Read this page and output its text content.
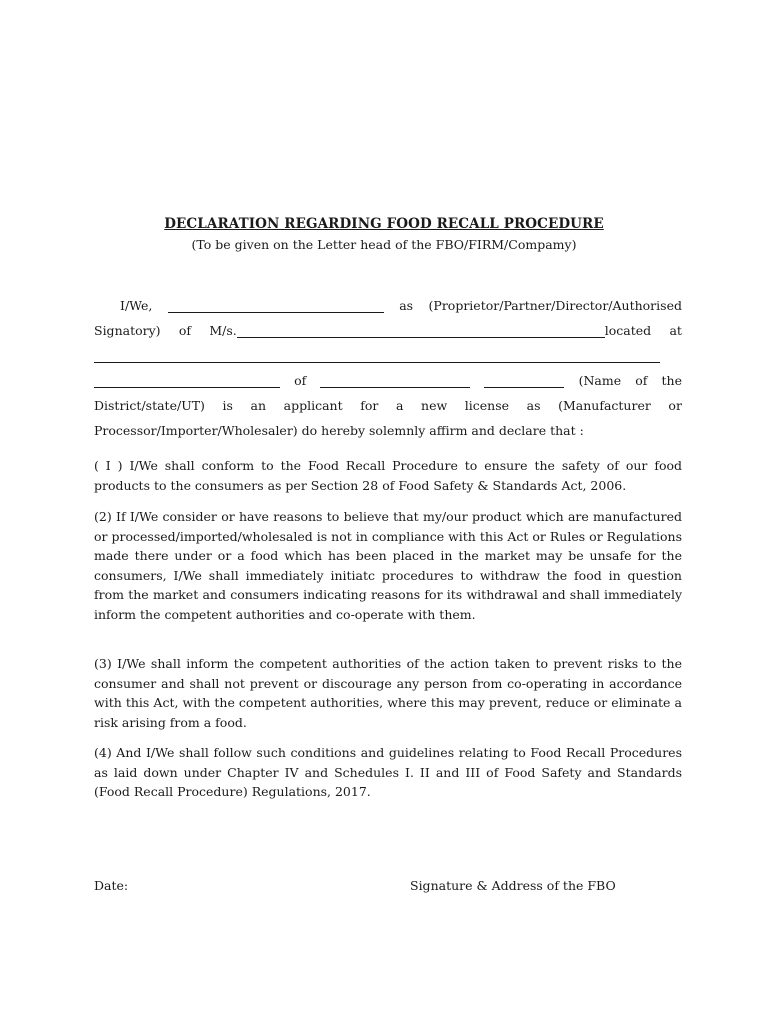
DECLARATION REGARDING FOOD RECALL PROCEDURE

(To be given on the Letter head of the FBO/FIRM/Compamy)

I/We,	as (Proprietor/Partner/Director/Authorised
Signatory) of M/s.	located at
of	(Name of the
District/state/UT) is an applicant for a new license as (Manufacturer or
Processor/Importer/Wholesaler) do hereby solemnly affirm and declare that :

( I ) I/We shall conform to the Food Recall Procedure to ensure the safety of our food products to the consumers as per Section 28 of Food Safety & Standards Act, 2006.

(2) If I/We consider or have reasons to believe that my/our product which are manufactured or processed/imported/wholesaled is not in compliance with this Act or Rules or Regulations made there under or a food which has been placed in the market may be unsafe for the consumers, I/We shall immediately initiatc procedures to withdraw the food in question from the market and consumers indicating reasons for its withdrawal and shall immediately inform the competent authorities and co-operate with them.

(3) I/We shall inform the competent authorities of the action taken to prevent risks to the consumer and shall not prevent or discourage any person from co-operating in accordance with this Act, with the competent authorities, where this may prevent, reduce or eliminate a risk arising from a food.

(4) And I/We shall follow such conditions and guidelines relating to Food Recall Procedures as laid down under Chapter IV and Schedules I. II and III of Food Safety and Standards (Food Recall Procedure) Regulations, 2017.

Date:	Signature & Address of the FBO
